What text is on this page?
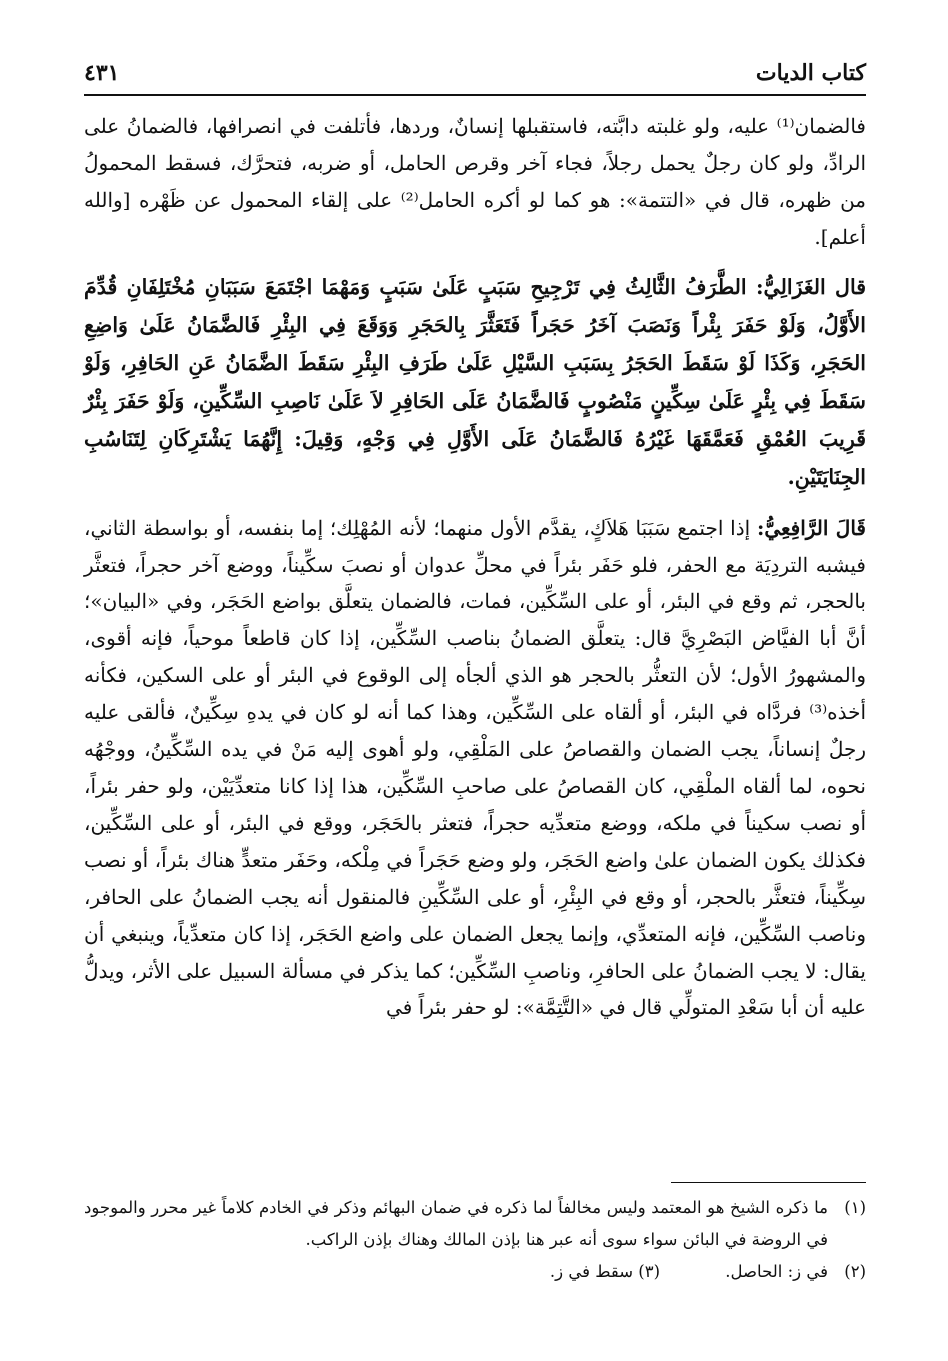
كتاب الديات
٤٣١

فالضمان⁽¹⁾ عليه، ولو غلبته دابَّته، فاستقبلها إنسانٌ، وردها، فأتلفت في انصرافها، فالضمانُ على الرادِّ، ولو كان رجلٌ يحمل رجلاً، فجاء آخر وقرص الحامل، أو ضربه، فتحرَّك، فسقط المحمولُ من ظهره، قال في «التتمة»: هو كما لو أكره الحامل⁽²⁾ على إلقاء المحمول عن ظَهْره [والله أعلم].

قال الغَزَالِيُّ: الطَّرَفُ الثَّالِثُ فِي تَرْجِيحِ سَبَبٍ عَلَىٰ سَبَبٍ وَمَهْمَا اجْتَمَعَ سَبَبَانِ مُخْتَلِفَانِ قُدِّمَ الأَوَّلُ، وَلَوْ حَفَرَ بِئْراً وَنَصَبَ آخَرُ حَجَراً فَتَعَثَّرَ بِالحَجَرِ وَوَقَعَ فِي البِئْرِ فَالضَّمَانُ عَلَىٰ وَاضِعِ الحَجَرِ، وَكَذَا لَوْ سَقَطَ الحَجَرُ بِسَبَبِ السَّيْلِ عَلَىٰ طَرَفِ البِئْرِ سَقَطَ الضَّمَانُ عَنِ الحَافِرِ، وَلَوْ سَقَطَ فِي بِئْرٍ عَلَىٰ سِكِّينٍ مَنْصُوبٍ فَالضَّمَانُ عَلَى الحَافِرِ لاَ عَلَىٰ نَاصِبِ السِّكِّينِ، وَلَوْ حَفَرَ بِئْرٌ قَرِيبَ العُمْقِ فَعَمَّقَهَا غَيْرُهُ فَالضَّمَانُ عَلَى الأَوَّلِ فِي وَجْهٍ، وَقِيلَ: إِنَّهُمَا يَشْتَرِكَانِ لِتَنَاسُبِ الجِنَايَتَيْنِ.

قَالَ الرَّافِعِيُّ: إذا اجتمع سَبَبَا هَلاَكٍ، يقدَّم الأول منهما؛ لأنه المُهْلِك؛ إما بنفسه، أو بواسطة الثاني، فيشبه التردِيَة مع الحفر، فلو حَفَر بئراً في محلِّ عدوان أو نصبَ سكِّيناً، ووضع آخر حجراً، فتعثَّر بالحجر، ثم وقع في البئر، أو على السِّكِّين، فمات، فالضمان يتعلَّق بواضع الحَجَر، وفي «البيان»؛ أنَّ أبا الفيَّاض البَصْرِيَّ قال: يتعلَّق الضمانُ بناصب السِّكِّين، إذا كان قاطعاً موحياً، فإنه أقوى، والمشهورُ الأول؛ لأن التعثُّر بالحجر هو الذي ألجأه إلى الوقوع في البئر أو على السكين، فكأنه أخذه⁽³⁾ فردَّاه في البئر، أو ألقاه على السِّكِّين، وهذا كما أنه لو كان في يدهِ سِكِّينٌ، فألقى عليه رجلٌ إنساناً، يجب الضمان والقصاصُ على المَلْقِي، ولو أهوى إليه مَنْ في يده السِّكِّينُ، ووجْهُه نحوه، لما ألقاه الملْقِي، كان القصاصُ على صاحبِ السِّكِّين، هذا إذا كانا متعدِّيَيْن، ولو حفر بئراً، أو نصب سكيناً في ملكه، ووضع متعدِّيه حجراً، فتعثر بالحَجَر، ووقع في البئر، أو على السِّكِّين، فكذلك يكون الضمان علىٰ واضع الحَجَر، ولو وضع حَجَراً في مِلْكه، وحَفَر متعدٍّ هناك بئراً، أو نصب سِكِّيناً، فتعثَّر بالحجر، أو وقع في البِئْرِ، أو على السِّكِّينِ فالمنقول أنه يجب الضمانُ على الحافر، وناصب السِّكِّين، فإنه المتعدِّي، وإنما يجعل الضمان على واضع الحَجَر، إذا كان متعدِّياً، وينبغي أن يقال: لا يجب الضمانُ على الحافرِ، وناصبِ السِّكِّين؛ كما يذكر في مسألة السبيل على الأثر، ويدلُّ عليه أن أبا سَعْدِ المتولِّي قال في «التَّتِمَّة»: لو حفر بئراً في

(١)
ما ذكره الشيخ هو المعتمد وليس مخالفاً لما ذكره في ضمان البهائم وذكر في الخادم كلاماً غير محرر والموجود في الروضة في البائن سواء سوى أنه عبر هنا بإذن المالك وهناك بإذن الراكب.
(٢)
في ز: الحاصل. (٣) سقط في ز.
